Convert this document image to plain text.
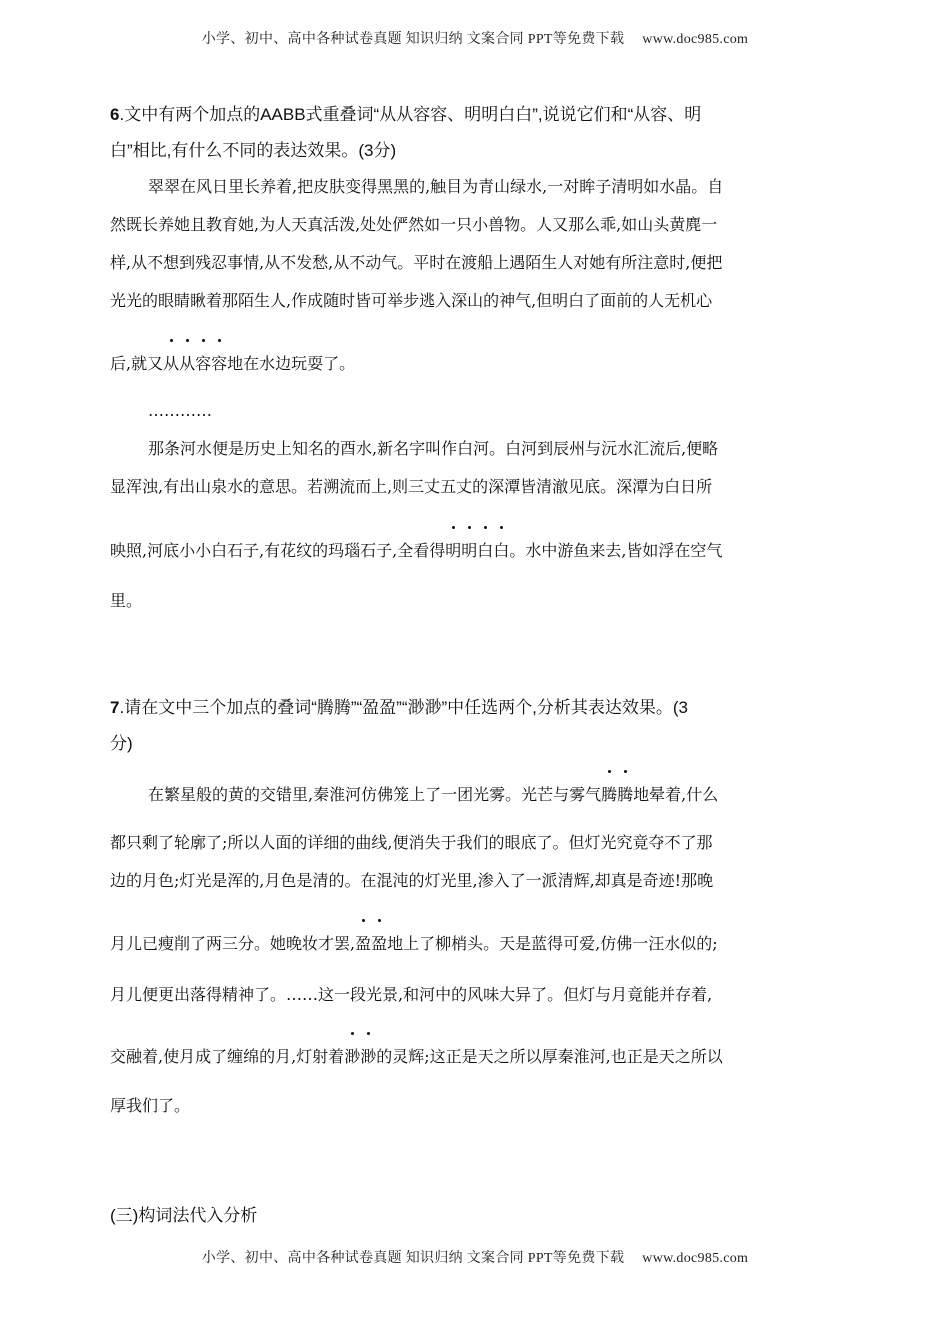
小学、初中、高中各种试卷真题 知识归纳 文案合同 PPT等免费下载 www.doc985.com
6.文中有两个加点的AABB式重叠词“从从容容、明明白白”,说说它们和“从容、明
白”相比,有什么不同的表达效果。(3分)
翠翠在风日里长养着,把皮肤变得黑黑的,触目为青山绿水,一对眸子清明如水晶。自
然既长养她且教育她,为人天真活泼,处处俨然如一只小兽物。人又那么乖,如山头黄麂一
样,从不想到残忍事情,从不发愁,从不动气。平时在渡船上遇陌生人对她有所注意时,便把
光光的眼睛瞅着那陌生人,作成随时皆可举步逃入深山的神气,但明白了面前的人无机心
后,就又从从容容地在水边玩耍了。
…………
那条河水便是历史上知名的酉水,新名字叫作白河。白河到辰州与沅水汇流后,便略
显浑浊,有出山泉水的意思。若溯流而上,则三丈五丈的深潭皆清澈见底。深潭为白日所
映照,河底小小白石子,有花纹的玛瑙石子,全看得明明白白。水中游鱼来去,皆如浮在空气
里。
7.请在文中三个加点的叠词“腾腾”“盈盈”“渺渺”中任选两个,分析其表达效果。(3
分)
在繁星般的黄的交错里,秦淮河仿佛笼上了一团光雾。光芒与雾气腾腾地晕着,什么
都只剩了轮廓了;所以人面的详细的曲线,便消失于我们的眼底了。但灯光究竟夺不了那
边的月色;灯光是浑的,月色是清的。在混沌的灯光里,渗入了一派清辉,却真是奇迹!那晚
月儿已瘦削了两三分。她晚妆才罢,盈盈地上了柳梢头。天是蓝得可爱,仿佛一汪水似的;
月儿便更出落得精神了。……这一段光景,和河中的风味大异了。但灯与月竟能并存着,
交融着,使月成了缠绵的月,灯射着渺渺的灵辉;这正是天之所以厚秦淮河,也正是天之所以
厚我们了。
(三)构词法代入分析
小学、初中、高中各种试卷真题 知识归纳 文案合同 PPT等免费下载 www.doc985.com
